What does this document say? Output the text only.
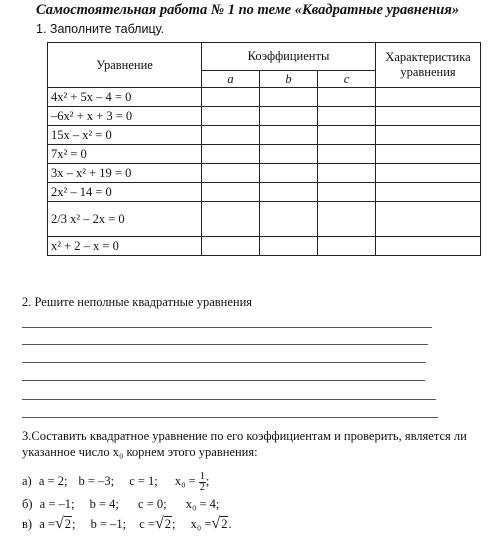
Самостоятельная работа № 1 по теме «Квадратные уравнения»
1. Заполните таблицу.
Уравнение	Коэффициенты			Характеристика уравнения
	a	b	c	
4x² + 5x – 4 = 0				
–6x² + x + 3 = 0				
15x – x² = 0				
7x² = 0				
3x – x² + 19 = 0				
2x² – 14 = 0				
2/3 x² – 2x = 0				
x² + 2 – x = 0				
2. Решите неполные квадратные уравнения
3.Составить квадратное уравнение по его коэффициентам и проверить, является ли указанное число x₀ корнем этого уравнения:
а) a = 2; b = –3; c = 1; $x_0 = \frac{1}{2}$ ;
б) a = –1; b = 4; c = 0; x₀ = 4;
в) a =√2; b = –1; c =√2; x₀ =√2.
